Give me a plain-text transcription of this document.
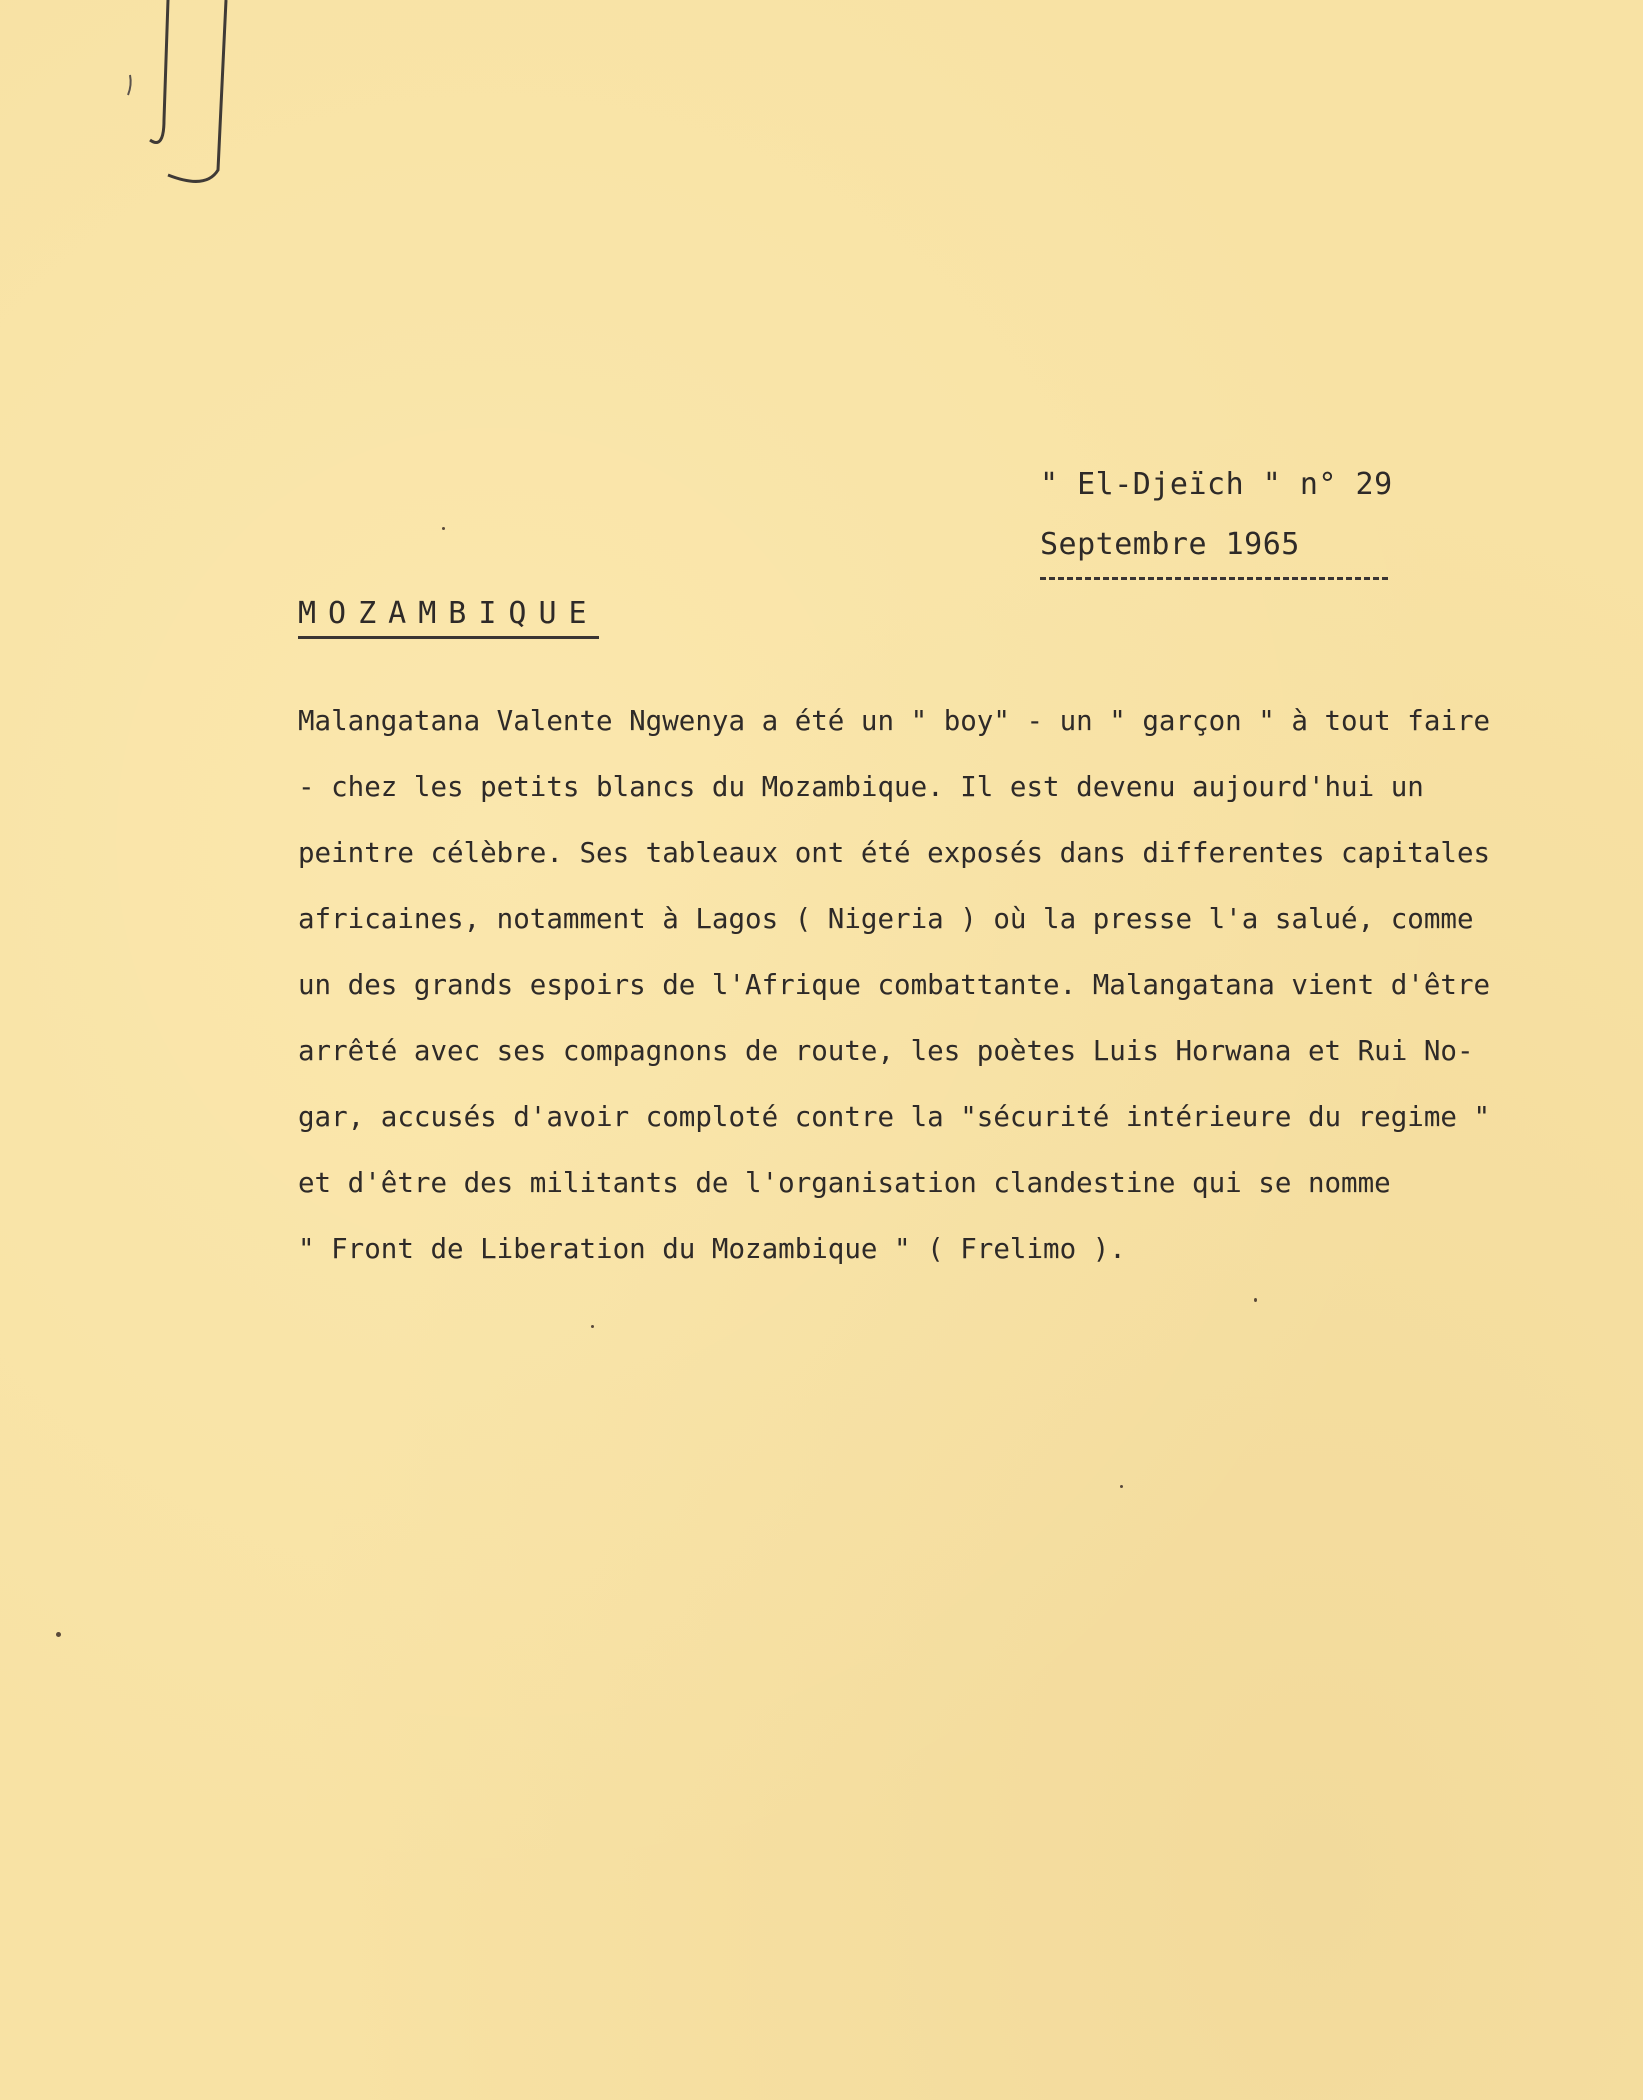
" El-Djeïch " n° 29
Septembre 1965
MOZAMBIQUE
Malangatana Valente Ngwenya a été un " boy" - un " garçon " à tout faire
- chez les petits blancs du Mozambique. Il est devenu aujourd'hui un
peintre célèbre. Ses tableaux ont été exposés dans differentes capitales
africaines, notamment à Lagos ( Nigeria ) où la presse l'a salué, comme
un des grands espoirs de l'Afrique combattante. Malangatana vient d'être
arrêté avec ses compagnons de route, les poètes Luis Horwana et Rui No-
gar, accusés d'avoir comploté contre la "sécurité intérieure du regime "
et d'être des militants de l'organisation clandestine qui se nomme
" Front de Liberation du Mozambique " ( Frelimo ).
